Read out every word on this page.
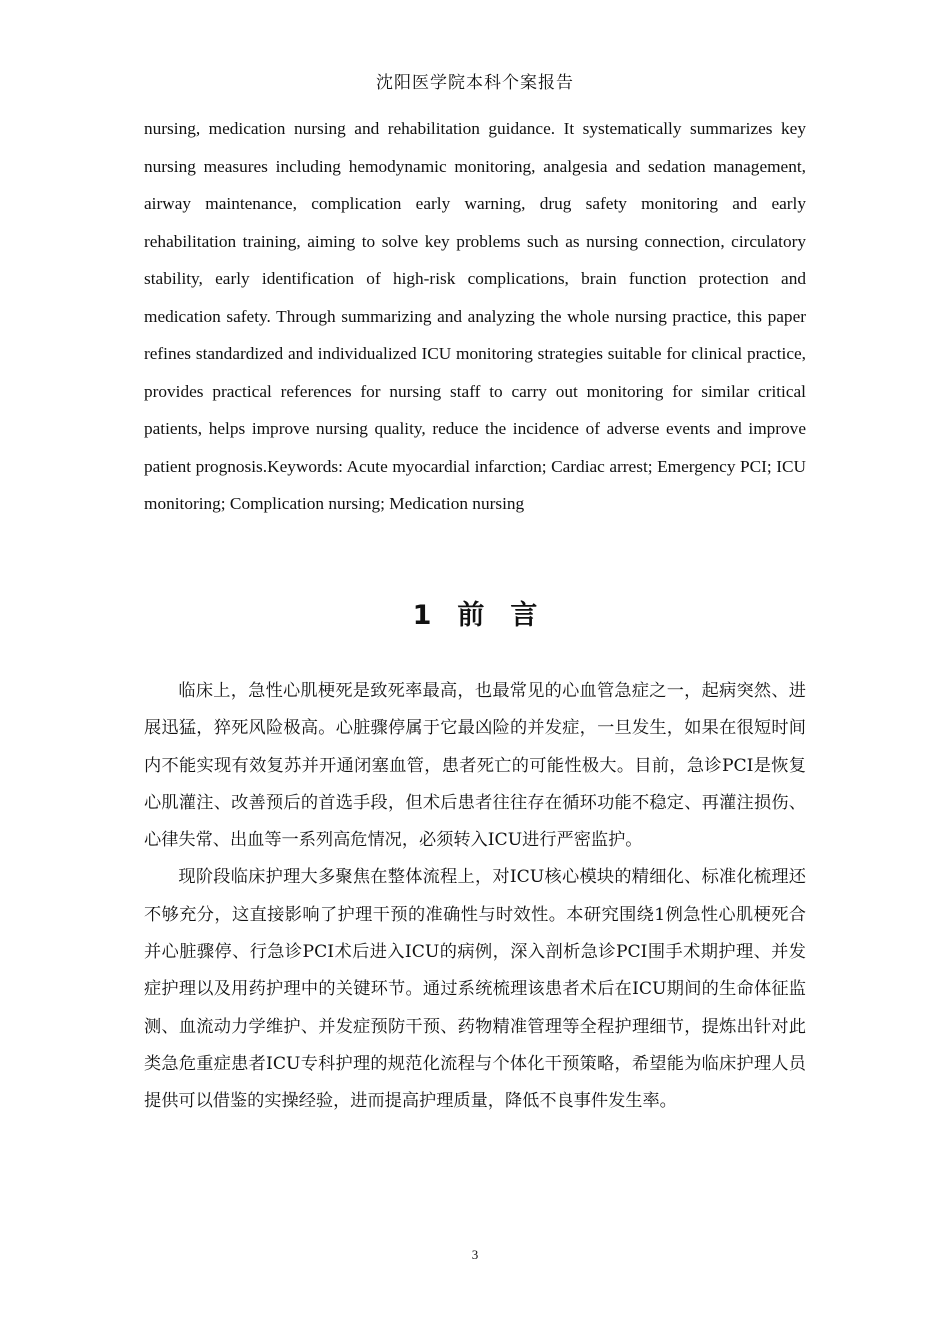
沈阳医学院本科个案报告
nursing, medication nursing and rehabilitation guidance. It systematically summarizes key nursing measures including hemodynamic monitoring, analgesia and sedation management, airway maintenance, complication early warning, drug safety monitoring and early rehabilitation training, aiming to solve key problems such as nursing connection, circulatory stability, early identification of high-risk complications, brain function protection and medication safety. Through summarizing and analyzing the whole nursing practice, this paper refines standardized and individualized ICU monitoring strategies suitable for clinical practice, provides practical references for nursing staff to carry out monitoring for similar critical patients, helps improve nursing quality, reduce the incidence of adverse events and improve patient prognosis.Keywords: Acute myocardial infarction; Cardiac arrest; Emergency PCI; ICU monitoring; Complication nursing; Medication nursing
1 前 言

临床上，急性心肌梗死是致死率最高，也最常见的心血管急症之一，起病突然、进展迅猛，猝死风险极高。心脏骤停属于它最凶险的并发症，一旦发生，如果在很短时间内不能实现有效复苏并开通闭塞血管，患者死亡的可能性极大。目前，急诊PCI是恢复心肌灌注、改善预后的首选手段，但术后患者往往存在循环功能不稳定、再灌注损伤、心律失常、出血等一系列高危情况，必须转入ICU进行严密监护。

现阶段临床护理大多聚焦在整体流程上，对ICU核心模块的精细化、标准化梳理还不够充分，这直接影响了护理干预的准确性与时效性。本研究围绕1例急性心肌梗死合并心脏骤停、行急诊PCI术后进入ICU的病例，深入剖析急诊PCI围手术期护理、并发症护理以及用药护理中的关键环节。通过系统梳理该患者术后在ICU期间的生命体征监测、血流动力学维护、并发症预防干预、药物精准管理等全程护理细节，提炼出针对此类急危重症患者ICU专科护理的规范化流程与个体化干预策略，希望能为临床护理人员提供可以借鉴的实操经验，进而提高护理质量，降低不良事件发生率。

3
